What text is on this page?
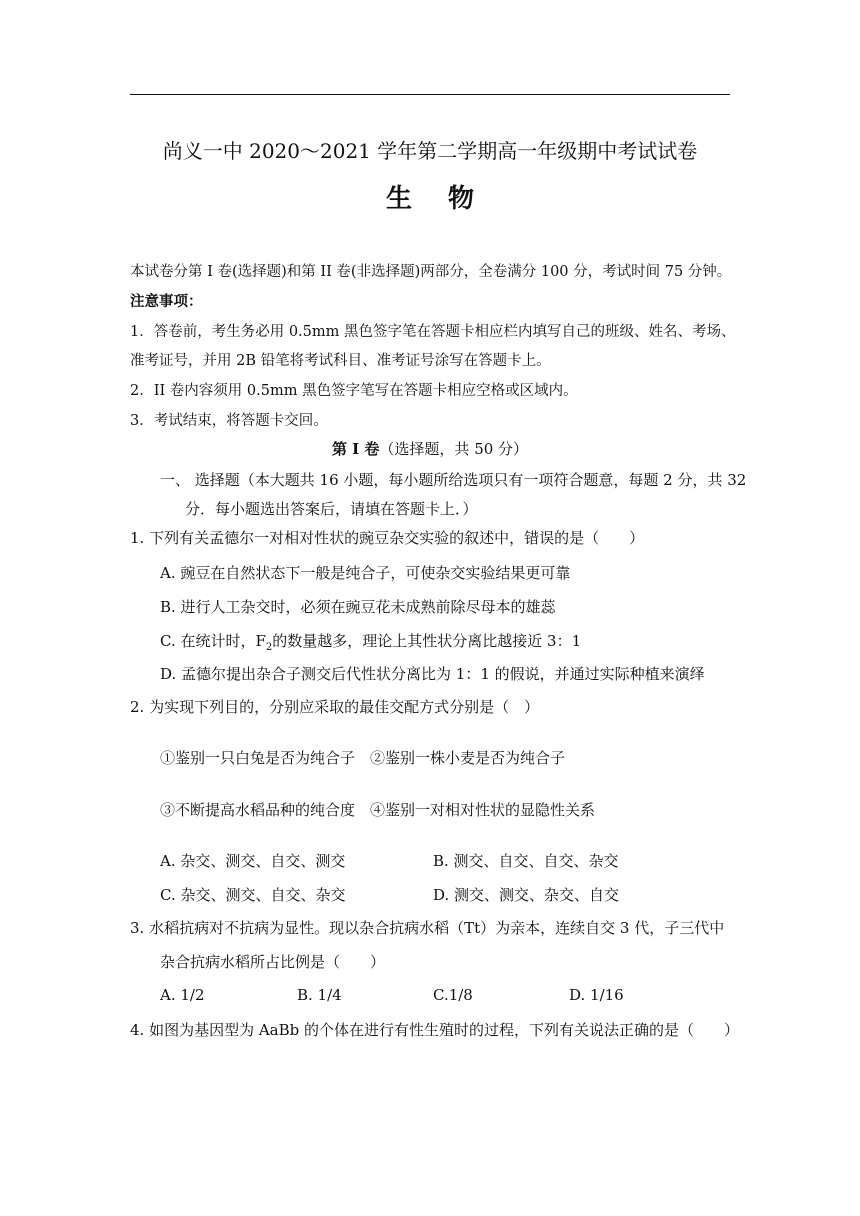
尚义一中 2020～2021 学年第二学期高一年级期中考试试卷
生物
本试卷分第 I 卷(选择题)和第 II 卷(非选择题)两部分，全卷满分 100 分，考试时间 75 分钟。
注意事项：
1．答卷前，考生务必用 0.5mm 黑色签字笔在答题卡相应栏内填写自己的班级、姓名、考场、
准考证号，并用 2B 铅笔将考试科目、准考证号涂写在答题卡上。
2．II 卷内容须用 0.5mm 黑色签字笔写在答题卡相应空格或区域内。
3．考试结束，将答题卡交回。
第 I 卷（选择题，共 50 分）
一、 选择题（本大题共 16 小题，每小题所给选项只有一项符合题意，每题 2 分，共 32
分．每小题选出答案后，请填在答题卡上．）
1. 下列有关孟德尔一对相对性状的豌豆杂交实验的叙述中，错误的是（　　）
A. 豌豆在自然状态下一般是纯合子，可使杂交实验结果更可靠
B. 进行人工杂交时，必须在豌豆花未成熟前除尽母本的雄蕊
C. 在统计时，$F_2$的数量越多，理论上其性状分离比越接近 3：1
D. 孟德尔提出杂合子测交后代性状分离比为 1：1 的假说，并通过实际种植来演绎
2. 为实现下列目的，分别应采取的最佳交配方式分别是（　）
①鉴别一只白兔是否为纯合子　②鉴别一株小麦是否为纯合子
③不断提高水稻品种的纯合度　④鉴别一对相对性状的显隐性关系
A. 杂交、测交、自交、测交	B. 测交、自交、自交、杂交
C. 杂交、测交、自交、杂交	D. 测交、测交、杂交、自交
3. 水稻抗病对不抗病为显性。现以杂合抗病水稻（Tt）为亲本，连续自交 3 代，子三代中
杂合抗病水稻所占比例是（　　）
A. 1/2	B. 1/4	C.1/8	D. 1/16
4. 如图为基因型为 AaBb 的个体在进行有性生殖时的过程，下列有关说法正确的是（　　）
